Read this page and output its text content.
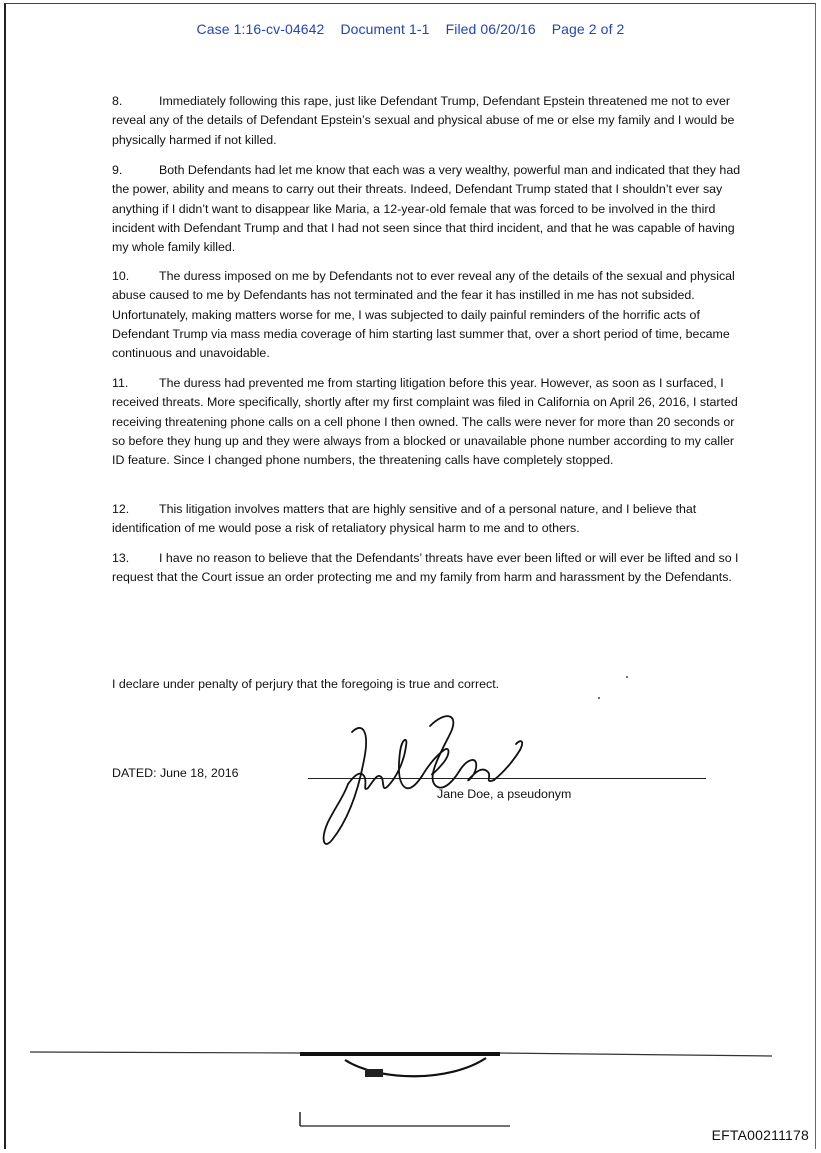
Case 1:16-cv-04642 Document 1-1 Filed 06/20/16 Page 2 of 2
8.	Immediately following this rape, just like Defendant Trump, Defendant Epstein threatened me not to ever reveal any of the details of Defendant Epstein’s sexual and physical abuse of me or else my family and I would be physically harmed if not killed.
9.	Both Defendants had let me know that each was a very wealthy, powerful man and indicated that they had the power, ability and means to carry out their threats. Indeed, Defendant Trump stated that I shouldn’t ever say anything if I didn’t want to disappear like Maria, a 12-year-old female that was forced to be involved in the third incident with Defendant Trump and that I had not seen since that third incident, and that he was capable of having my whole family killed.
10. The duress imposed on me by Defendants not to ever reveal any of the details of the sexual and physical abuse caused to me by Defendants has not terminated and the fear it has instilled in me has not subsided. Unfortunately, making matters worse for me, I was subjected to daily painful reminders of the horrific acts of Defendant Trump via mass media coverage of him starting last summer that, over a short period of time, became continuous and unavoidable.
11. The duress had prevented me from starting litigation before this year. However, as soon as I surfaced, I received threats. More specifically, shortly after my first complaint was filed in California on April 26, 2016, I started receiving threatening phone calls on a cell phone I then owned. The calls were never for more than 20 seconds or so before they hung up and they were always from a blocked or unavailable phone number according to my caller ID feature. Since I changed phone numbers, the threatening calls have completely stopped.
12. This litigation involves matters that are highly sensitive and of a personal nature, and I believe that identification of me would pose a risk of retaliatory physical harm to me and to others.
13. I have no reason to believe that the Defendants’ threats have ever been lifted or will ever be lifted and so I request that the Court issue an order protecting me and my family from harm and harassment by the Defendants.
I declare under penalty of perjury that the foregoing is true and correct.
DATED: June 18, 2016
Jane Doe, a pseudonym
EFTA00211178
